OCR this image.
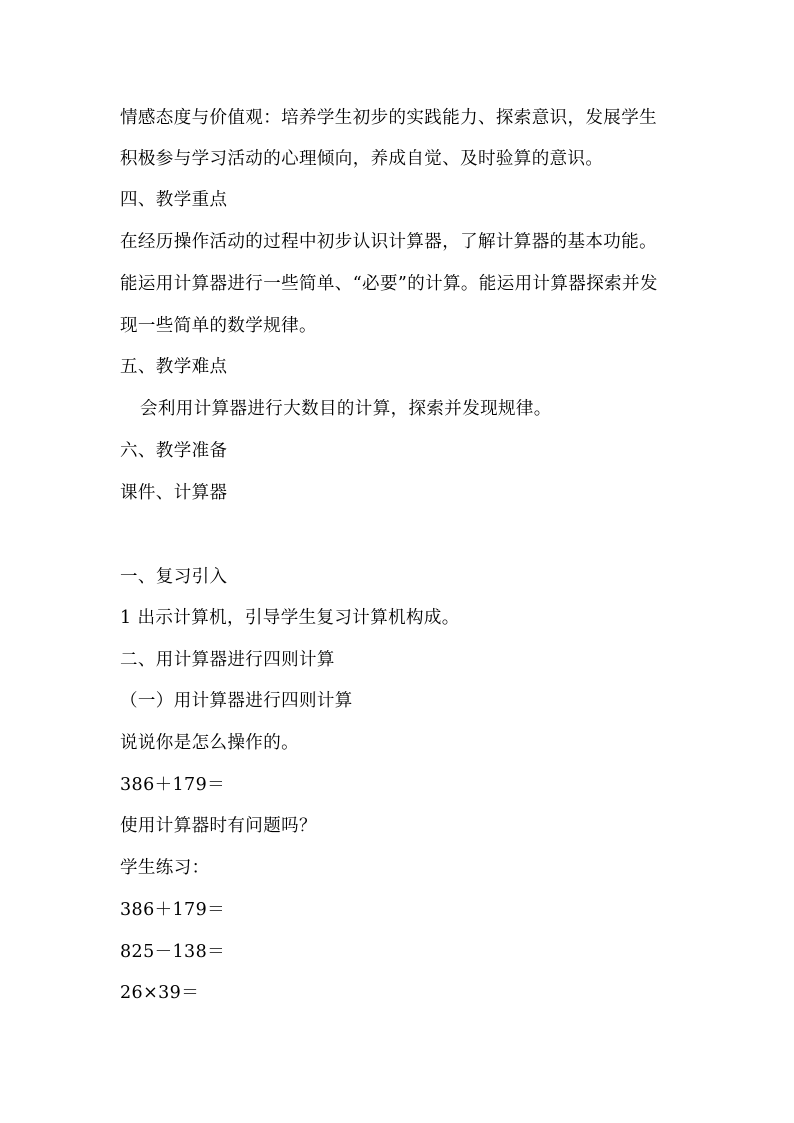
情感态度与价值观：培养学生初步的实践能力、探索意识，发展学生
积极参与学习活动的心理倾向，养成自觉、及时验算的意识。
四、教学重点
在经历操作活动的过程中初步认识计算器，了解计算器的基本功能。
能运用计算器进行一些简单、“必要”的计算。能运用计算器探索并发
现一些简单的数学规律。
五、教学难点
会利用计算器进行大数目的计算，探索并发现规律。
六、教学准备
课件、计算器
一、复习引入
1 出示计算机，引导学生复习计算机构成。
二、用计算器进行四则计算
（一）用计算器进行四则计算
说说你是怎么操作的。
386＋179＝
使用计算器时有问题吗？
学生练习：
386＋179＝
825－138＝
26×39＝
